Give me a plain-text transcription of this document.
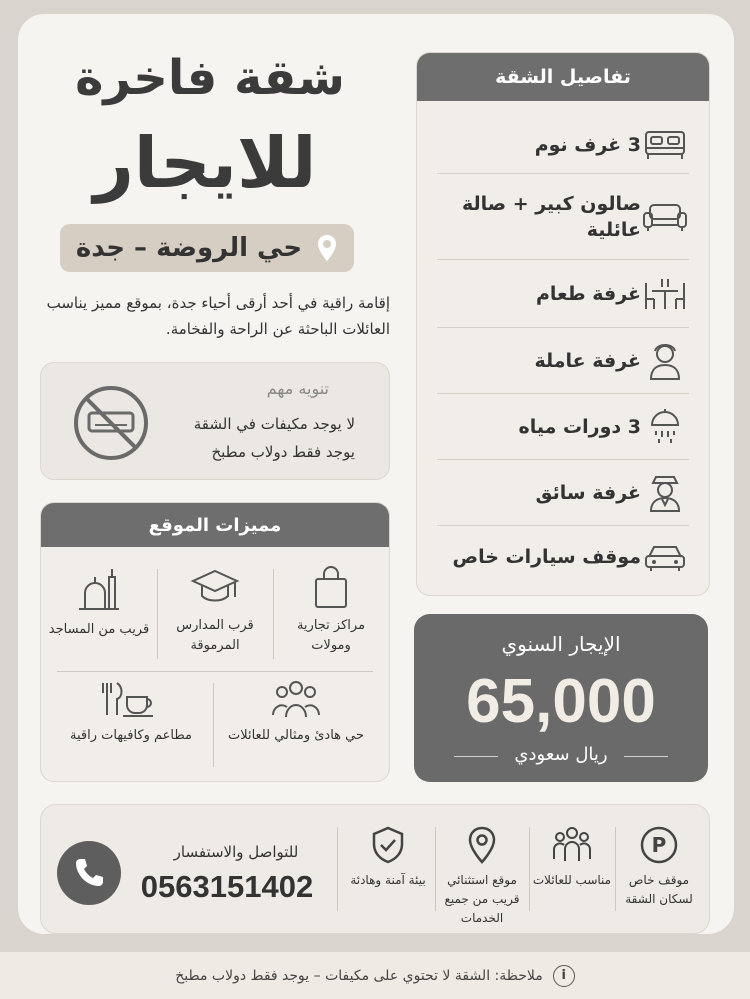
شقة فاخرة
للايجار
حي الروضة – جدة
إقامة راقية في أحد أرقى أحياء جدة، بموقع مميز يناسب العائلات الباحثة عن الراحة والفخامة.
تنويه مهم
لا يوجد مكيفات في الشقة
يوجد فقط دولاب مطبخ
مميزات الموقع
مراكز تجارية ومولات
قرب المدارس المرموقة
قريب من المساجد
حي هادئ ومثالي للعائلات
مطاعم وكافيهات راقية
تفاصيل الشقة
3 غرف نوم
صالون كبير + صالة عائلية
غرفة طعام
غرفة عاملة
3 دورات مياه
غرفة سائق
موقف سيارات خاص
الإيجار السنوي
65,000
ريال سعودي
P
موقف خاص لسكان الشقة
مناسب للعائلات
موقع استثنائي قريب من جميع الخدمات
بيئة آمنة وهادئة
للتواصل والاستفسار
0563151402
i
ملاحظة: الشقة لا تحتوي على مكيفات – يوجد فقط دولاب مطبخ
